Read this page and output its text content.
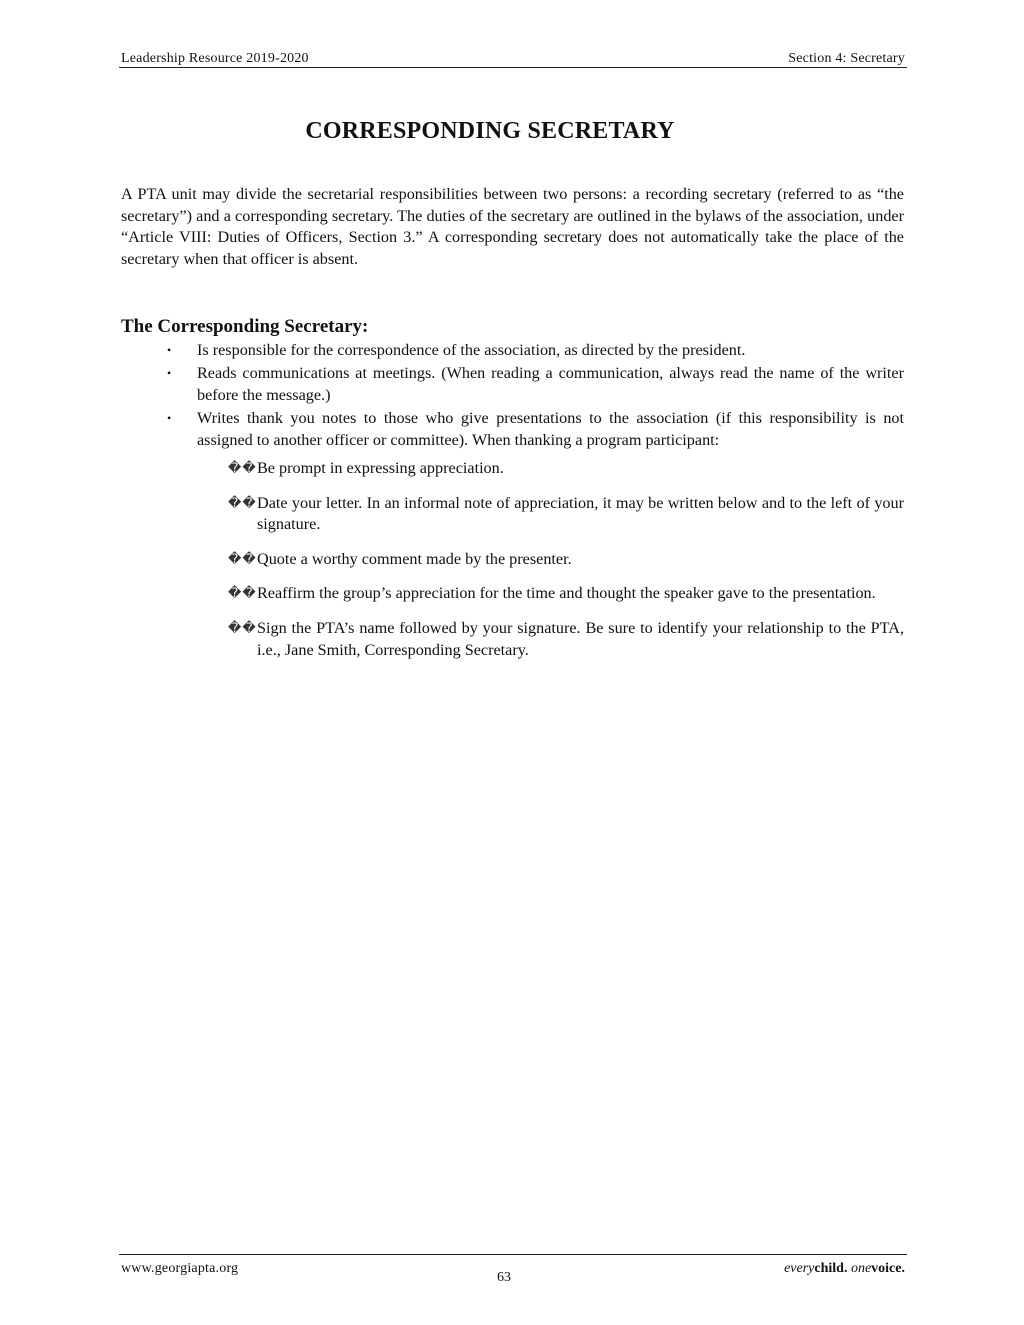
Leadership Resource 2019-2020	Section 4: Secretary
CORRESPONDING SECRETARY

A PTA unit may divide the secretarial responsibilities between two persons: a recording secretary (referred to as “the secretary”) and a corresponding secretary. The duties of the secretary are outlined in the bylaws of the association, under “Article VIII: Duties of Officers, Section 3.” A corresponding secretary does not automatically take the place of the secretary when that officer is absent.

The Corresponding Secretary:
• Is responsible for the correspondence of the association, as directed by the president.
• Reads communications at meetings. (When reading a communication, always read the name of the writer before the message.)
• Writes thank you notes to those who give presentations to the association (if this responsibility is not assigned to another officer or committee). When thanking a program participant:
�� Be prompt in expressing appreciation.
�� Date your letter. In an informal note of appreciation, it may be written below and to the left of your signature.
�� Quote a worthy comment made by the presenter.
�� Reaffirm the group’s appreciation for the time and thought the speaker gave to the presentation.
�� Sign the PTA’s name followed by your signature. Be sure to identify your relationship to the PTA, i.e., Jane Smith, Corresponding Secretary.
www.georgiapta.org
63
everychild. onevoice.
